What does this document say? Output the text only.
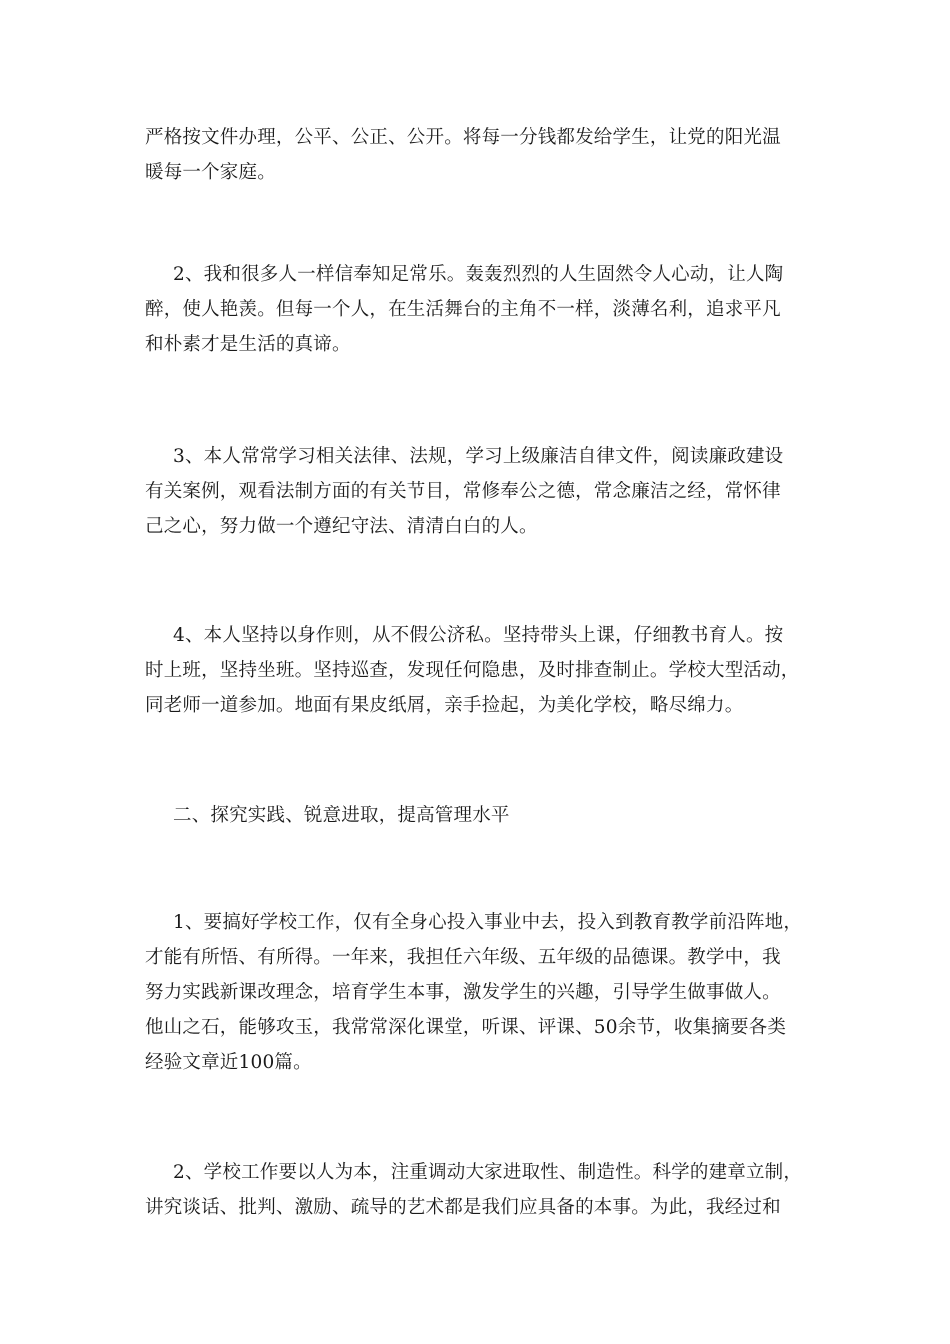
严格按文件办理，公平、公正、公开。将每一分钱都发给学生，让党的阳光温
暖每一个家庭。

2、我和很多人一样信奉知足常乐。轰轰烈烈的人生固然令人心动，让人陶
醉，使人艳羡。但每一个人，在生活舞台的主角不一样，淡薄名利，追求平凡
和朴素才是生活的真谛。

3、本人常常学习相关法律、法规，学习上级廉洁自律文件，阅读廉政建设
有关案例，观看法制方面的有关节目，常修奉公之德，常念廉洁之经，常怀律
己之心，努力做一个遵纪守法、清清白白的人。

4、本人坚持以身作则，从不假公济私。坚持带头上课，仔细教书育人。按
时上班，坚持坐班。坚持巡查，发现任何隐患，及时排查制止。学校大型活动，
同老师一道参加。地面有果皮纸屑，亲手捡起，为美化学校，略尽绵力。

二、探究实践、锐意进取，提高管理水平

1、要搞好学校工作，仅有全身心投入事业中去，投入到教育教学前沿阵地，
才能有所悟、有所得。一年来，我担任六年级、五年级的品德课。教学中，我
努力实践新课改理念，培育学生本事，激发学生的兴趣，引导学生做事做人。
他山之石，能够攻玉，我常常深化课堂，听课、评课、50余节，收集摘要各类
经验文章近100篇。

2、学校工作要以人为本，注重调动大家进取性、制造性。科学的建章立制，
讲究谈话、批判、激励、疏导的艺术都是我们应具备的本事。为此，我经过和
